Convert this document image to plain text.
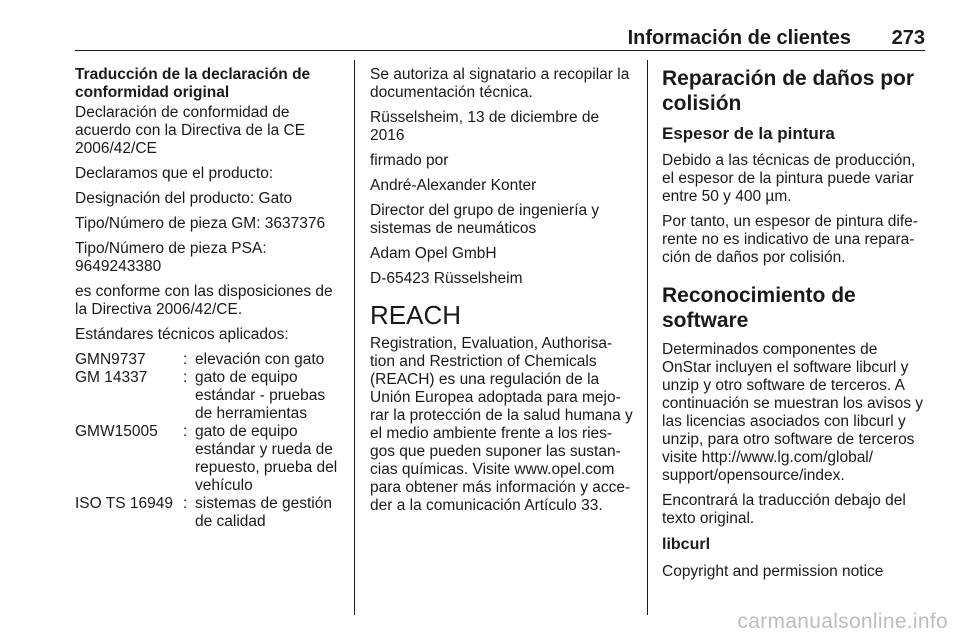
Información de clientes 273

Traducción de la declaración de conformidad original

Declaración de conformidad de acuerdo con la Directiva de la CE 2006/42/CE

Declaramos que el producto:

Designación del producto: Gato

Tipo/Número de pieza GM: 3637376

Tipo/Número de pieza PSA: 9649243380

es conforme con las disposiciones de la Directiva 2006/42/CE.

Estándares técnicos aplicados:

GMN9737	:	elevación con gato
GM 14337	:	gato de equipo estándar - pruebas de herramientas
GMW15005	:	gato de equipo estándar y rueda de repuesto, prueba del vehículo
ISO TS 16949	:	sistemas de gestión de calidad

Se autoriza al signatario a recopilar la documentación técnica.

Rüsselsheim, 13 de diciembre de 2016

firmado por

André-Alexander Konter

Director del grupo de ingeniería y sistemas de neumáticos

Adam Opel GmbH

D-65423 Rüsselsheim

REACH

Registration, Evaluation, Authorisa-tion and Restriction of Chemicals (REACH) es una regulación de la Unión Europea adoptada para mejo-rar la protección de la salud humana y el medio ambiente frente a los ries-gos que pueden suponer las sustan-cias químicas. Visite www.opel.com para obtener más información y acce-der a la comunicación Artículo 33.

Reparación de daños por colisión
Espesor de la pintura

Debido a las técnicas de producción, el espesor de la pintura puede variar entre 50 y 400 µm.

Por tanto, un espesor de pintura dife-rente no es indicativo de una repara-ción de daños por colisión.

Reconocimiento de software

Determinados componentes de OnStar incluyen el software libcurl y unzip y otro software de terceros. A continuación se muestran los avisos y las licencias asociados con libcurl y unzip, para otro software de terceros visite http://www.lg.com/global/ support/opensource/index.

Encontrará la traducción debajo del texto original.

libcurl

Copyright and permission notice

carmanualsonline.info
